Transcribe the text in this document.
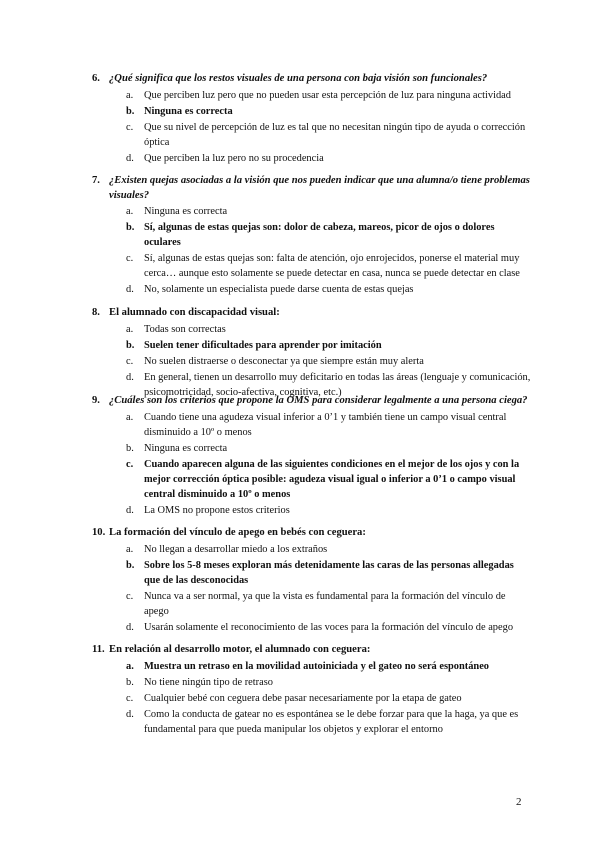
6. ¿Qué significa que los restos visuales de una persona con baja visión son funcionales?
a. Que perciben luz pero que no pueden usar esta percepción de luz para ninguna actividad
b. Ninguna es correcta
c. Que su nivel de percepción de luz es tal que no necesitan ningún tipo de ayuda o corrección óptica
d. Que perciben la luz pero no su procedencia
7. ¿Existen quejas asociadas a la visión que nos pueden indicar que una alumna/o tiene problemas visuales?
a. Ninguna es correcta
b. Sí, algunas de estas quejas son: dolor de cabeza, mareos, picor de ojos o dolores oculares
c. Sí, algunas de estas quejas son: falta de atención, ojo enrojecidos, ponerse el material muy cerca… aunque esto solamente se puede detectar en casa, nunca se puede detectar en clase
d. No, solamente un especialista puede darse cuenta de estas quejas
8. El alumnado con discapacidad visual:
a. Todas son correctas
b. Suelen tener dificultades para aprender por imitación
c. No suelen distraerse o desconectar ya que siempre están muy alerta
d. En general, tienen un desarrollo muy deficitario en todas las áreas (lenguaje y comunicación, psicomotricidad, socio-afectiva, cognitiva, etc.)
9. ¿Cuáles son los criterios que propone la OMS para considerar legalmente a una persona ciega?
a. Cuando tiene una agudeza visual inferior a 0’1 y también tiene un campo visual central disminuido a 10º o menos
b. Ninguna es correcta
c. Cuando aparecen alguna de las siguientes condiciones en el mejor de los ojos y con la mejor corrección óptica posible: agudeza visual igual o inferior a 0’1 o campo visual central disminuido a 10º o menos
d. La OMS no propone estos criterios
10. La formación del vínculo de apego en bebés con ceguera:
a. No llegan a desarrollar miedo a los extraños
b. Sobre los 5-8 meses exploran más detenidamente las caras de las personas allegadas que de las desconocidas
c. Nunca va a ser normal, ya que la vista es fundamental para la formación del vínculo de apego
d. Usarán solamente el reconocimiento de las voces para la formación del vínculo de apego
11. En relación al desarrollo motor, el alumnado con ceguera:
a. Muestra un retraso en la movilidad autoiniciada y el gateo no será espontáneo
b. No tiene ningún tipo de retraso
c. Cualquier bebé con ceguera debe pasar necesariamente por la etapa de gateo
d. Como la conducta de gatear no es espontánea se le debe forzar para que la haga, ya que es fundamental para que pueda manipular los objetos y explorar el entorno
2
